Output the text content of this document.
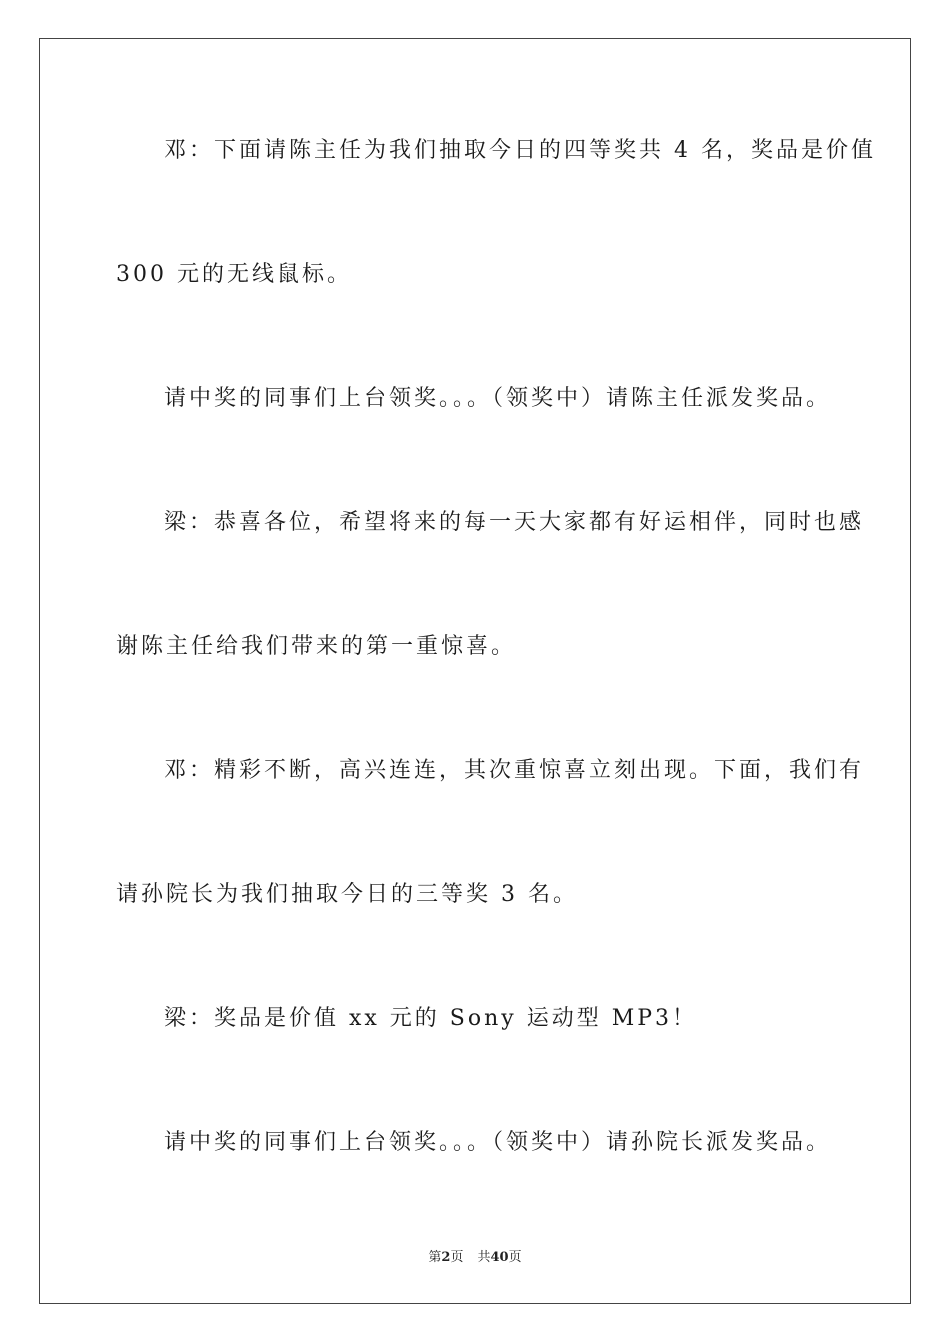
邓：下面请陈主任为我们抽取今日的四等奖共 4 名，奖品是价值
300 元的无线鼠标。
请中奖的同事们上台领奖。。。（领奖中）请陈主任派发奖品。
梁：恭喜各位，希望将来的每一天大家都有好运相伴，同时也感
谢陈主任给我们带来的第一重惊喜。
邓：精彩不断，高兴连连，其次重惊喜立刻出现。下面，我们有
请孙院长为我们抽取今日的三等奖 3 名。
梁：奖品是价值 xx 元的 Sony 运动型 MP3！
请中奖的同事们上台领奖。。。（领奖中）请孙院长派发奖品。
第2页 共40页
